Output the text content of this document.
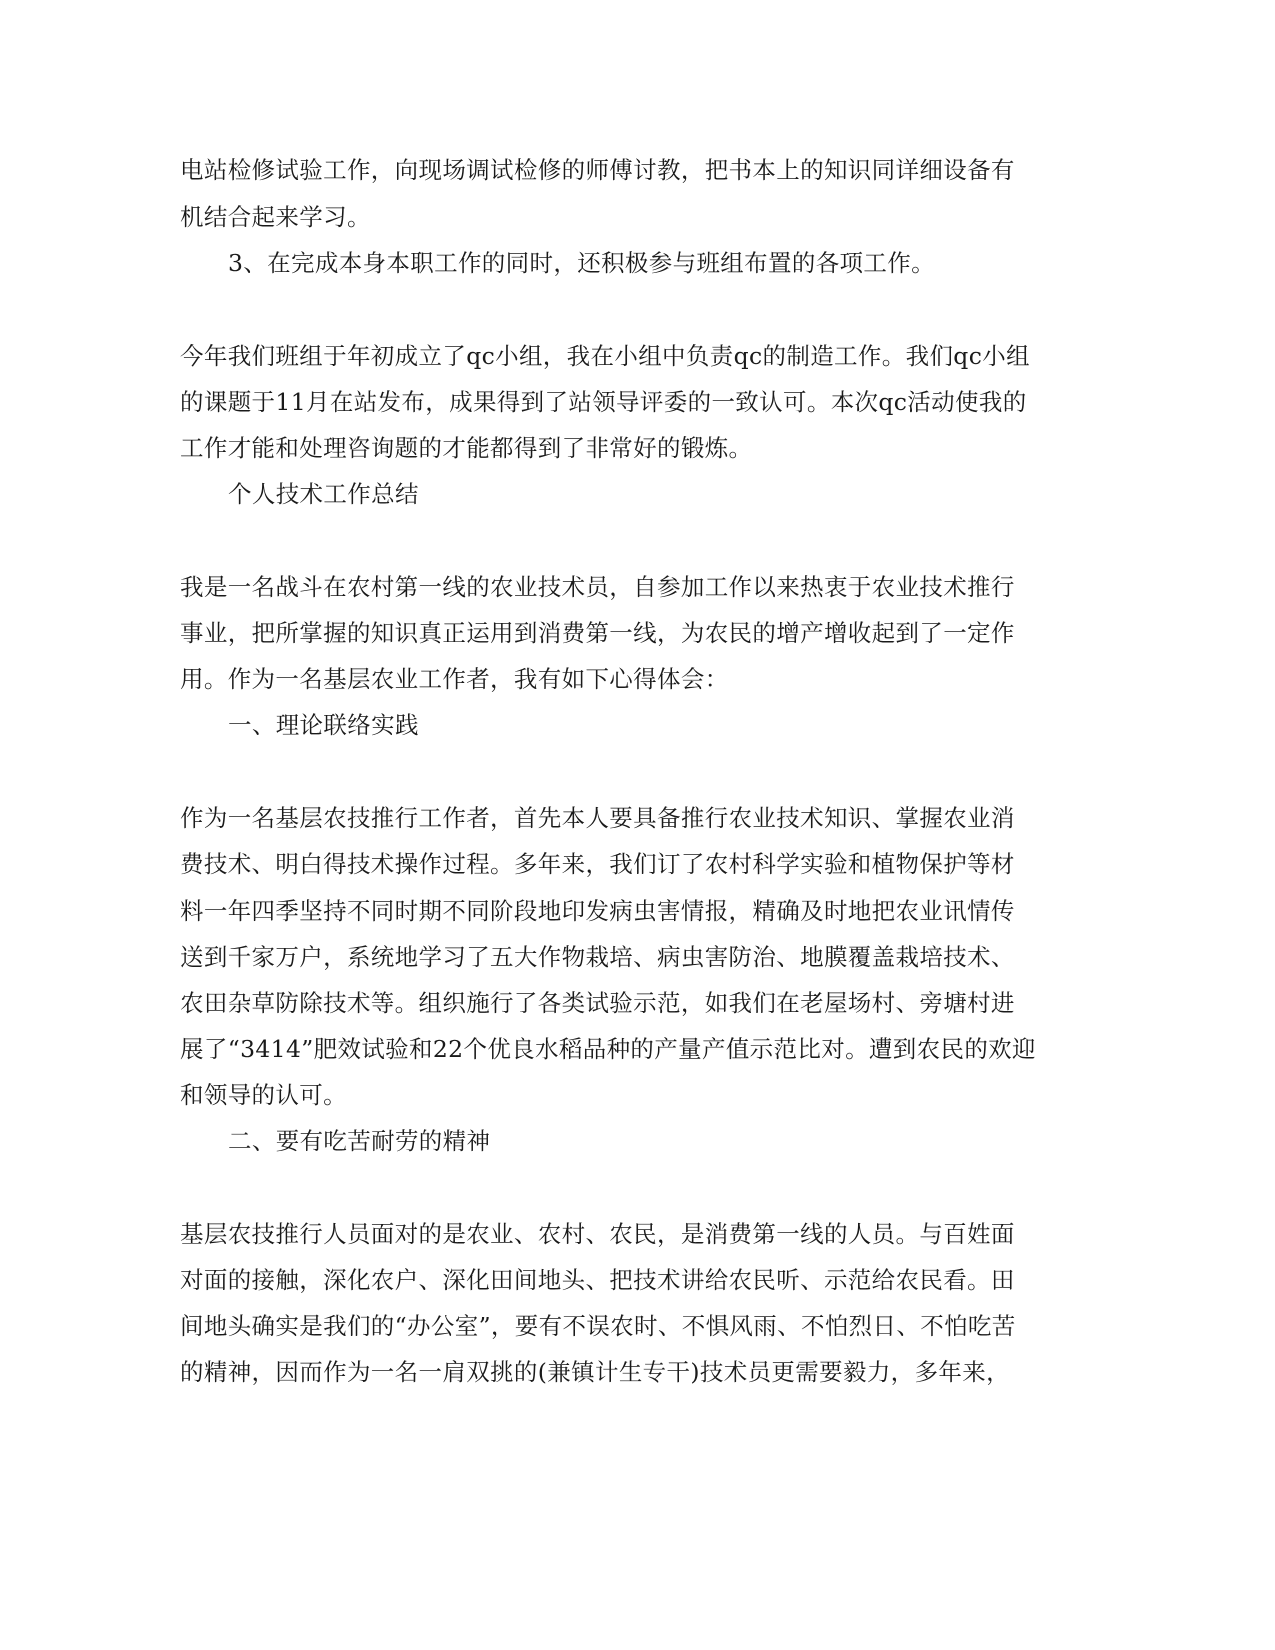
电站检修试验工作，向现场调试检修的师傅讨教，把书本上的知识同详细设备有
机结合起来学习。
3、在完成本身本职工作的同时，还积极参与班组布置的各项工作。
今年我们班组于年初成立了qc小组，我在小组中负责qc的制造工作。我们qc小组
的课题于11月在站发布，成果得到了站领导评委的一致认可。本次qc活动使我的
工作才能和处理咨询题的才能都得到了非常好的锻炼。
个人技术工作总结
我是一名战斗在农村第一线的农业技术员，自参加工作以来热衷于农业技术推行
事业，把所掌握的知识真正运用到消费第一线，为农民的增产增收起到了一定作
用。作为一名基层农业工作者，我有如下心得体会：
一、理论联络实践
作为一名基层农技推行工作者，首先本人要具备推行农业技术知识、掌握农业消
费技术、明白得技术操作过程。多年来，我们订了农村科学实验和植物保护等材
料一年四季坚持不同时期不同阶段地印发病虫害情报，精确及时地把农业讯情传
送到千家万户，系统地学习了五大作物栽培、病虫害防治、地膜覆盖栽培技术、
农田杂草防除技术等。组织施行了各类试验示范，如我们在老屋场村、旁塘村进
展了“3414”肥效试验和22个优良水稻品种的产量产值示范比对。遭到农民的欢迎
和领导的认可。
二、要有吃苦耐劳的精神
基层农技推行人员面对的是农业、农村、农民，是消费第一线的人员。与百姓面
对面的接触，深化农户、深化田间地头、把技术讲给农民听、示范给农民看。田
间地头确实是我们的“办公室”，要有不误农时、不惧风雨、不怕烈日、不怕吃苦
的精神，因而作为一名一肩双挑的(兼镇计生专干)技术员更需要毅力，多年来，
